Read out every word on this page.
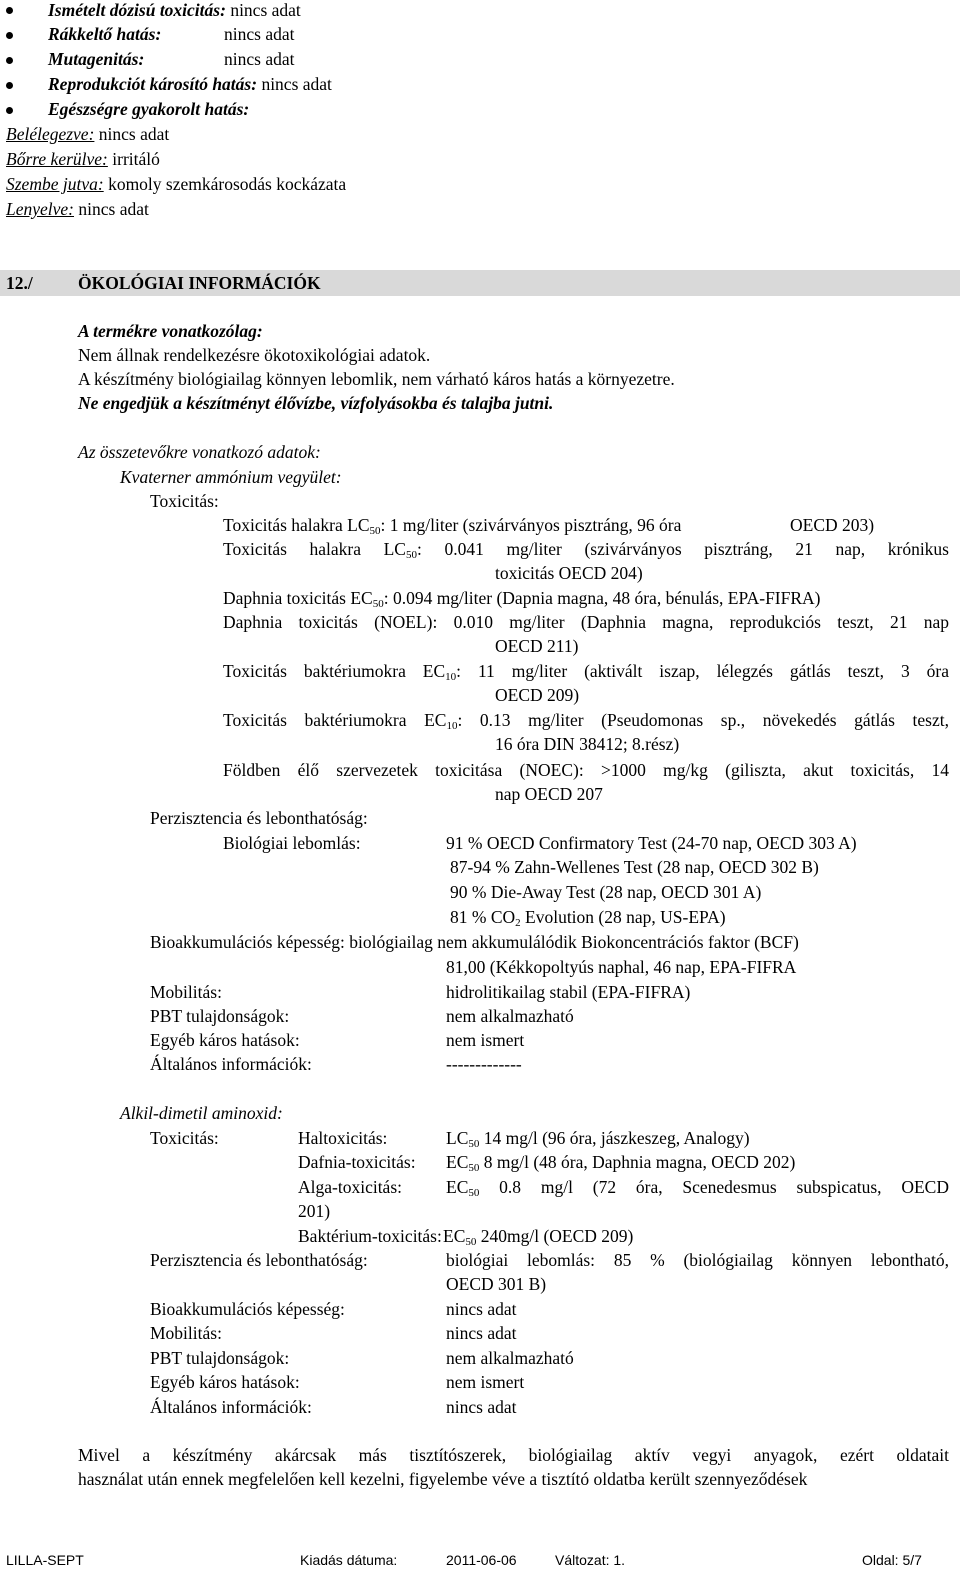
Ismételt dózisú toxicitás: nincs adat
Rákkeltő hatás:	nincs adat
Mutagenitás:	nincs adat
Reprodukciót károsító hatás: nincs adat
Egészségre gyakorolt hatás:
Belélegezve: nincs adat
Bőrre kerülve: irritáló
Szembe jutva: komoly szemkárosodás kockázata
Lenyelve: nincs adat
12./	ÖKOLÓGIAI INFORMÁCIÓK
A termékre vonatkozólag:
Nem állnak rendelkezésre ökotoxikológiai adatok.
A készítmény biológiailag könnyen lebomlik, nem várható káros hatás a környezetre.
Ne engedjük a készítményt élővízbe, vízfolyásokba és talajba jutni.
Az összetevőkre vonatkozó adatok:
Kvaterner ammónium vegyület:
Toxicitás:
Toxicitás halakra $LC_{50}$: 1 mg/liter (szivárványos pisztráng, 96 óra	OECD 203)
Toxicitás halakra $LC_{50}$: 0.041 mg/liter (szivárványos pisztráng, 21 nap, krónikus
toxicitás OECD 204)
Daphnia toxicitás $EC_{50}$: 0.094 mg/liter (Dapnia magna, 48 óra, bénulás, EPA-FIFRA)
Daphnia toxicitás (NOEL): 0.010 mg/liter (Daphnia magna, reprodukciós teszt, 21 nap
OECD 211)
Toxicitás baktériumokra $EC_{10}$: 11 mg/liter (aktivált iszap, lélegzés gátlás teszt, 3 óra
OECD 209)
Toxicitás baktériumokra $EC_{10}$: 0.13 mg/liter (Pseudomonas sp., növekedés gátlás teszt,
16 óra DIN 38412; 8.rész)
Földben élő szervezetek toxicitása (NOEC): >1000 mg/kg (giliszta, akut toxicitás, 14
nap OECD 207
Perzisztencia és lebonthatóság:
Biológiai lebomlás:	91 % OECD Confirmatory Test (24-70 nap, OECD 303 A)
87-94 % Zahn-Wellenes Test (28 nap, OECD 302 B)
90 % Die-Away Test (28 nap, OECD 301 A)
81 % $CO_2$ Evolution (28 nap, US-EPA)
Bioakkumulációs képesség: biológiailag nem akkumulálódik Biokoncentrációs faktor (BCF)
81,00 (Kékkopoltyús naphal, 46 nap, EPA-FIFRA
Mobilitás:	hidrolitikailag stabil (EPA-FIFRA)
PBT tulajdonságok:	nem alkalmazható
Egyéb káros hatások:	nem ismert
Általános információk:	-------------
Alkil-dimetil aminoxid:
Toxicitás:	Haltoxicitás:	$LC_{50}$ 14 mg/l (96 óra, jászkeszeg, Analogy)
Dafnia-toxicitás: $EC_{50}$ 8 mg/l (48 óra, Daphnia magna, OECD 202)
Alga-toxicitás:	$EC_{50}$ 0.8 mg/l (72 óra, Scenedesmus subspicatus, OECD
201)
Baktérium-toxicitás: $EC_{50}$ 240mg/l (OECD 209)
Perzisztencia és lebonthatóság:	biológiai lebomlás: 85 % (biológiailag könnyen lebontható,
OECD 301 B)
Bioakkumulációs képesség:	nincs adat
Mobilitás:	nincs adat
PBT tulajdonságok:	nem alkalmazható
Egyéb káros hatások:	nem ismert
Általános információk:	nincs adat
Mivel a készítmény akárcsak más tisztítószerek, biológiailag aktív vegyi anyagok, ezért oldatait
használat után ennek megfelelően kell kezelni, figyelembe véve a tisztító oldatba került szennyeződések
LILLA-SEPT	Kiadás dátuma:	2011-06-06	Változat: 1.	Oldal: 5/7
